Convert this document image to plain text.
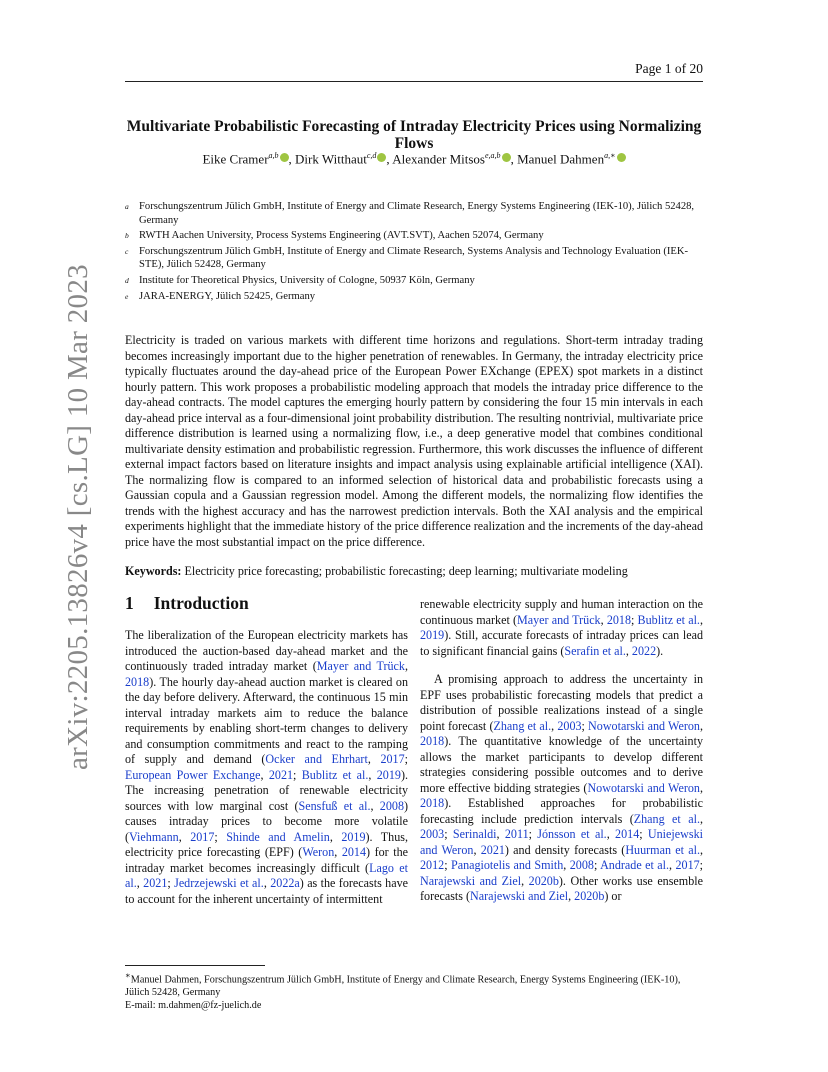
Page 1 of 20
arXiv:2205.13826v4 [cs.LG] 10 Mar 2023
Multivariate Probabilistic Forecasting of Intraday Electricity Prices using Normalizing Flows
Eike Cramer$^{a,b}$ , Dirk Witthaut$^{c,d}$ , Alexander Mitsos$^{e,a,b}$ , Manuel Dahmen$^{a,∗}$
a Forschungszentrum Jülich GmbH, Institute of Energy and Climate Research, Energy Systems Engineering (IEK-10), Jülich 52428, Germany
b RWTH Aachen University, Process Systems Engineering (AVT.SVT), Aachen 52074, Germany
c	Forschungszentrum Jülich GmbH, Institute of Energy and Climate Research, Systems Analysis and Technology Evaluation (IEK-STE), Jülich 52428, Germany
d Institute for Theoretical Physics, University of Cologne, 50937 Köln, Germany
e	JARA-ENERGY, Jülich 52425, Germany

Electricity is traded on various markets with different time horizons and regulations. Short-term intraday trading becomes increasingly important due to the higher penetration of renewables. In Germany, the intraday electricity price typically fluctuates around the day-ahead price of the European Power EXchange (EPEX) spot markets in a distinct hourly pattern. This work proposes a probabilistic modeling approach that models the intraday price difference to the day-ahead contracts. The model captures the emerging hourly pattern by considering the four 15 min intervals in each day-ahead price interval as a four-dimensional joint probability distribution. The resulting nontrivial, multivariate price difference distribution is learned using a normalizing flow, i.e., a deep generative model that combines conditional multivariate density estimation and probabilistic regression. Furthermore, this work discusses the influence of different external impact factors based on literature insights and impact analysis using explainable artificial intelligence (XAI). The normalizing flow is compared to an informed selection of historical data and probabilistic forecasts using a Gaussian copula and a Gaussian regression model. Among the different models, the normalizing flow identifies the trends with the highest accuracy and has the narrowest prediction intervals. Both the XAI analysis and the empirical experiments highlight that the immediate history of the price difference realization and the increments of the day-ahead price have the most substantial impact on the price difference.

Keywords: Electricity price forecasting; probabilistic forecasting; deep learning; multivariate modeling
1 Introduction

The liberalization of the European electricity markets has introduced the auction-based day-ahead market and the continuously traded intraday market (Mayer and Trück, 2018). The hourly day-ahead auction market is cleared on the day before delivery. Afterward, the continuous 15 min interval intraday markets aim to reduce the balance requirements by enabling short-term changes to delivery and consumption commitments and react to the ramping of supply and demand (Ocker and Ehrhart, 2017; European Power Exchange, 2021; Bublitz et al., 2019). The increasing penetration of renewable electricity sources with low marginal cost (Sensfuß et al., 2008) causes intraday prices to become more volatile (Viehmann, 2017; Shinde and Amelin, 2019). Thus, electricity price forecasting (EPF) (Weron, 2014) for the intraday market becomes increasingly difficult (Lago et al., 2021; Jedrzejewski et al., 2022a) as the forecasts have to account for the inherent uncertainty of intermittent

renewable electricity supply and human interaction on the continuous market (Mayer and Trück, 2018; Bublitz et al., 2019). Still, accurate forecasts of intraday prices can lead to significant financial gains (Serafin et al., 2022).

A promising approach to address the uncertainty in EPF uses probabilistic forecasting models that predict a distribution of possible realizations instead of a single point forecast (Zhang et al., 2003; Nowotarski and Weron, 2018). The quantitative knowledge of the uncertainty allows the market participants to develop different strategies considering possible outcomes and to derive more effective bidding strategies (Nowotarski and Weron, 2018). Established approaches for probabilistic forecasting include prediction intervals (Zhang et al., 2003; Serinaldi, 2011; Jónsson et al., 2014; Uniejewski and Weron, 2021) and density forecasts (Huurman et al., 2012; Panagiotelis and Smith, 2008; Andrade et al., 2017; Narajewski and Ziel, 2020b). Other works use ensemble forecasts (Narajewski and Ziel, 2020b) or

∗Manuel Dahmen, Forschungszentrum Jülich GmbH, Institute of Energy and Climate Research, Energy Systems Engineering (IEK-10), Jülich 52428, Germany
E-mail: m.dahmen@fz-juelich.de
